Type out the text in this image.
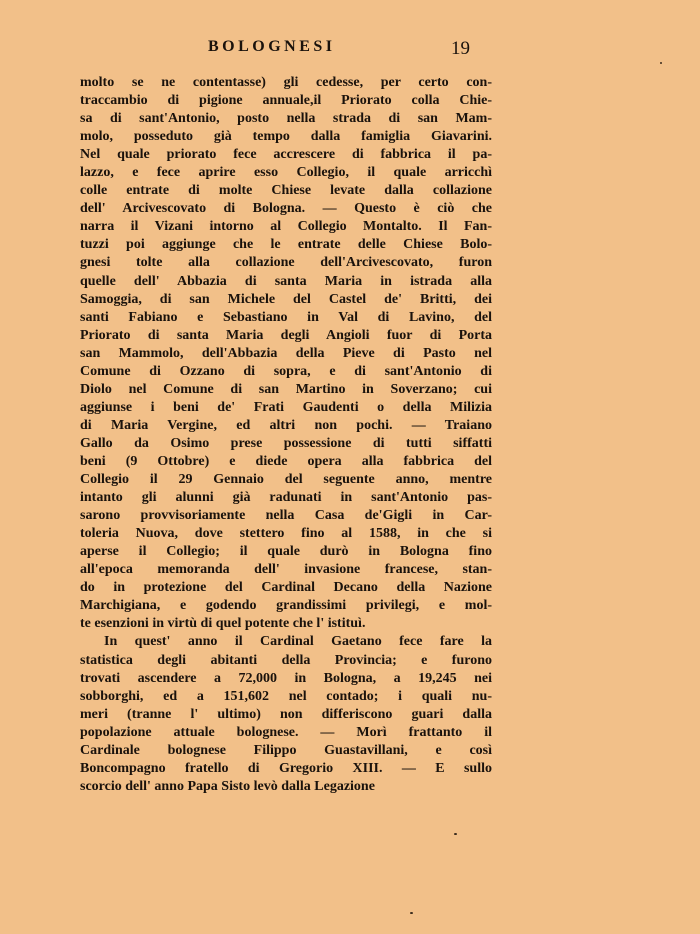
BOLOGNESI	19
molto se ne contentasse) gli cedesse, per certo con-
traccambio di pigione annuale,il Priorato colla Chie-
sa di sant'Antonio, posto nella strada di san Mam-
molo, posseduto già tempo dalla famiglia Giavarini.
Nel quale priorato fece accrescere di fabbrica il pa-
lazzo, e fece aprire esso Collegio, il quale arricchì
colle entrate di molte Chiese levate dalla collazione
dell' Arcivescovato di Bologna. — Questo è ciò che
narra il Vizani intorno al Collegio Montalto. Il Fan-
tuzzi poi aggiunge che le entrate delle Chiese Bolo-
gnesi tolte alla collazione dell'Arcivescovato, furon
quelle dell' Abbazia di santa Maria in istrada alla
Samoggia, di san Michele del Castel de' Britti, dei
santi Fabiano e Sebastiano in Val di Lavino, del
Priorato di santa Maria degli Angioli fuor di Porta
san Mammolo, dell'Abbazia della Pieve di Pasto nel
Comune di Ozzano di sopra, e di sant'Antonio di
Diolo nel Comune di san Martino in Soverzano; cui
aggiunse i beni de' Frati Gaudenti o della Milizia
di Maria Vergine, ed altri non pochi. — Traiano
Gallo da Osimo prese possessione di tutti siffatti
beni (9 Ottobre) e diede opera alla fabbrica del
Collegio il 29 Gennaio del seguente anno, mentre
intanto gli alunni già radunati in sant'Antonio pas-
sarono provvisoriamente nella Casa de'Gigli in Car-
toleria Nuova, dove stettero fino al 1588, in che si
aperse il Collegio; il quale durò in Bologna fino
all'epoca memoranda dell' invasione francese, stan-
do in protezione del Cardinal Decano della Nazione
Marchigiana, e godendo grandissimi privilegi, e mol-
te esenzioni in virtù di quel potente che l' istituì.
In quest' anno il Cardinal Gaetano fece fare la
statistica degli abitanti della Provincia; e furono
trovati ascendere a 72,000 in Bologna, a 19,245 nei
sobborghi, ed a 151,602 nel contado; i quali nu-
meri (tranne l' ultimo) non differiscono guari dalla
popolazione attuale bolognese. — Morì frattanto il
Cardinale bolognese Filippo Guastavillani, e così
Boncompagno fratello di Gregorio XIII. — E sullo
scorcio dell' anno Papa Sisto levò dalla Legazione
